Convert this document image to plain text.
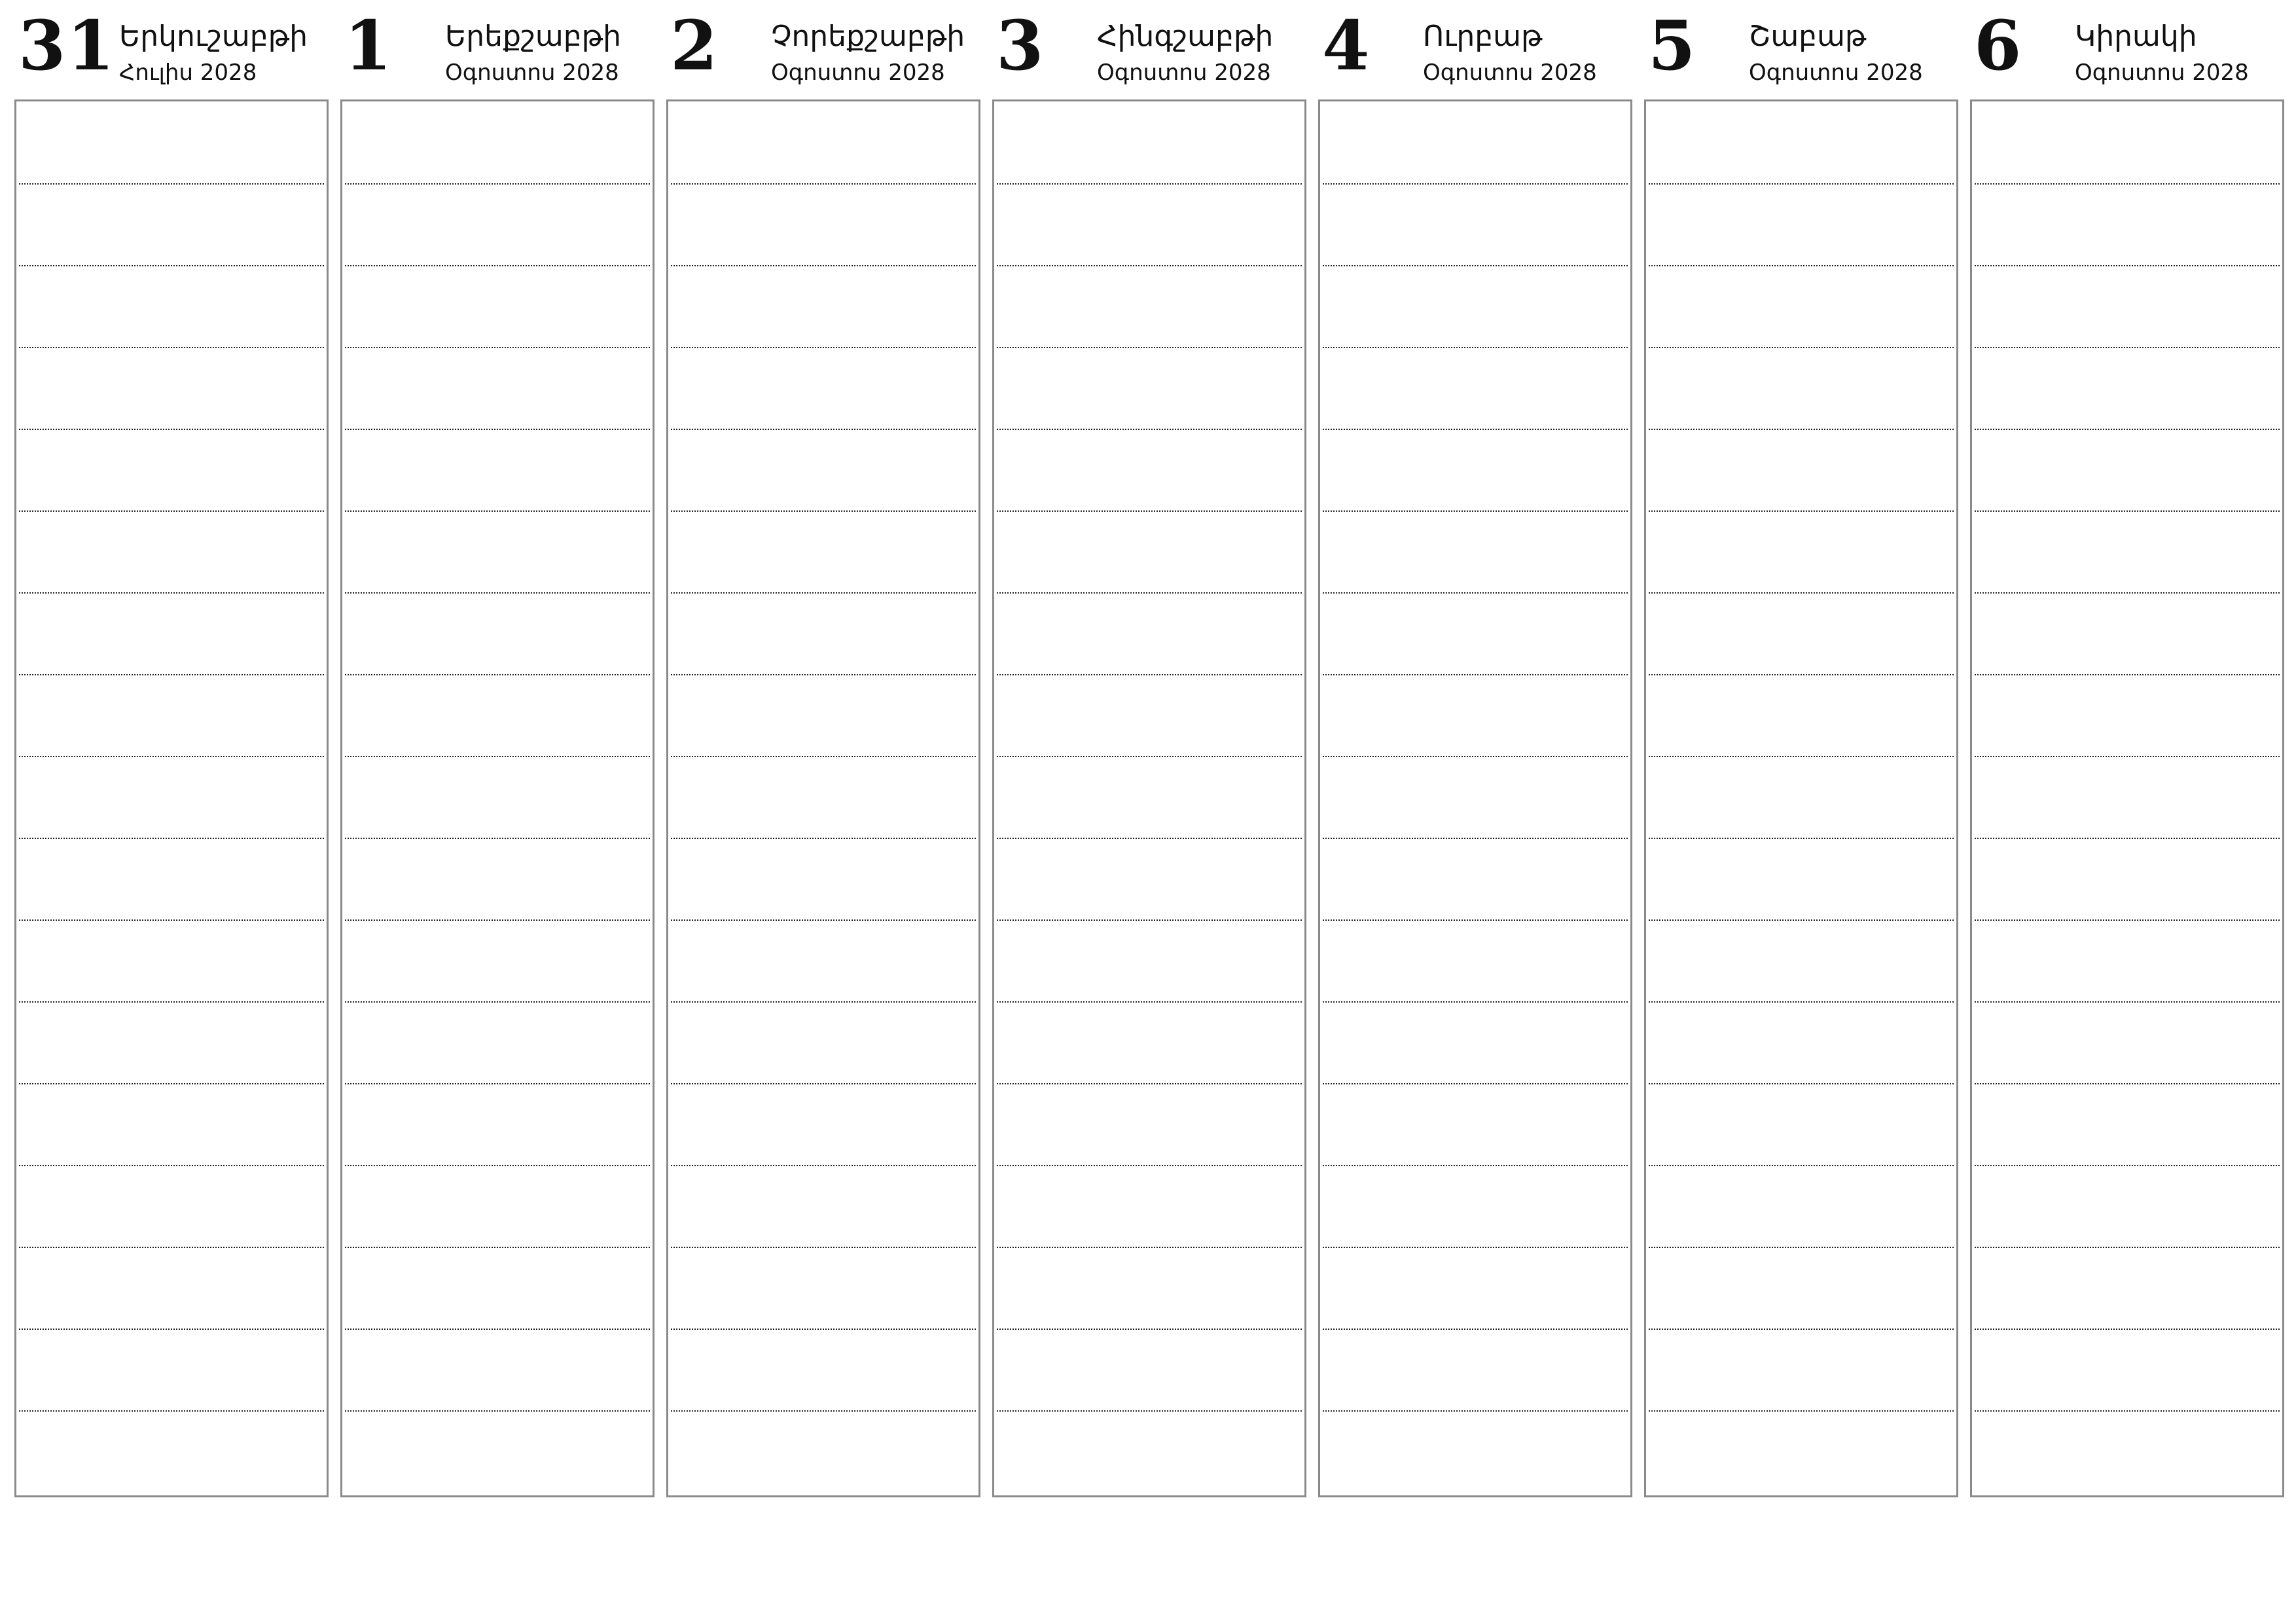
31 Երկուշաբթի
Հուլիս 2028 1 Երեքշաբթի
Օգոստոս 2028 2 Չորեքշաբթի
Օգոստոս 2028 3 Հինգշաբթի
Օգոստոս 2028 4 Ուրբաթ
Օգոստոս 2028 5 Շաբաթ
Օգոստոս 2028 6 Կիրակի
Օգոստոս 2028
